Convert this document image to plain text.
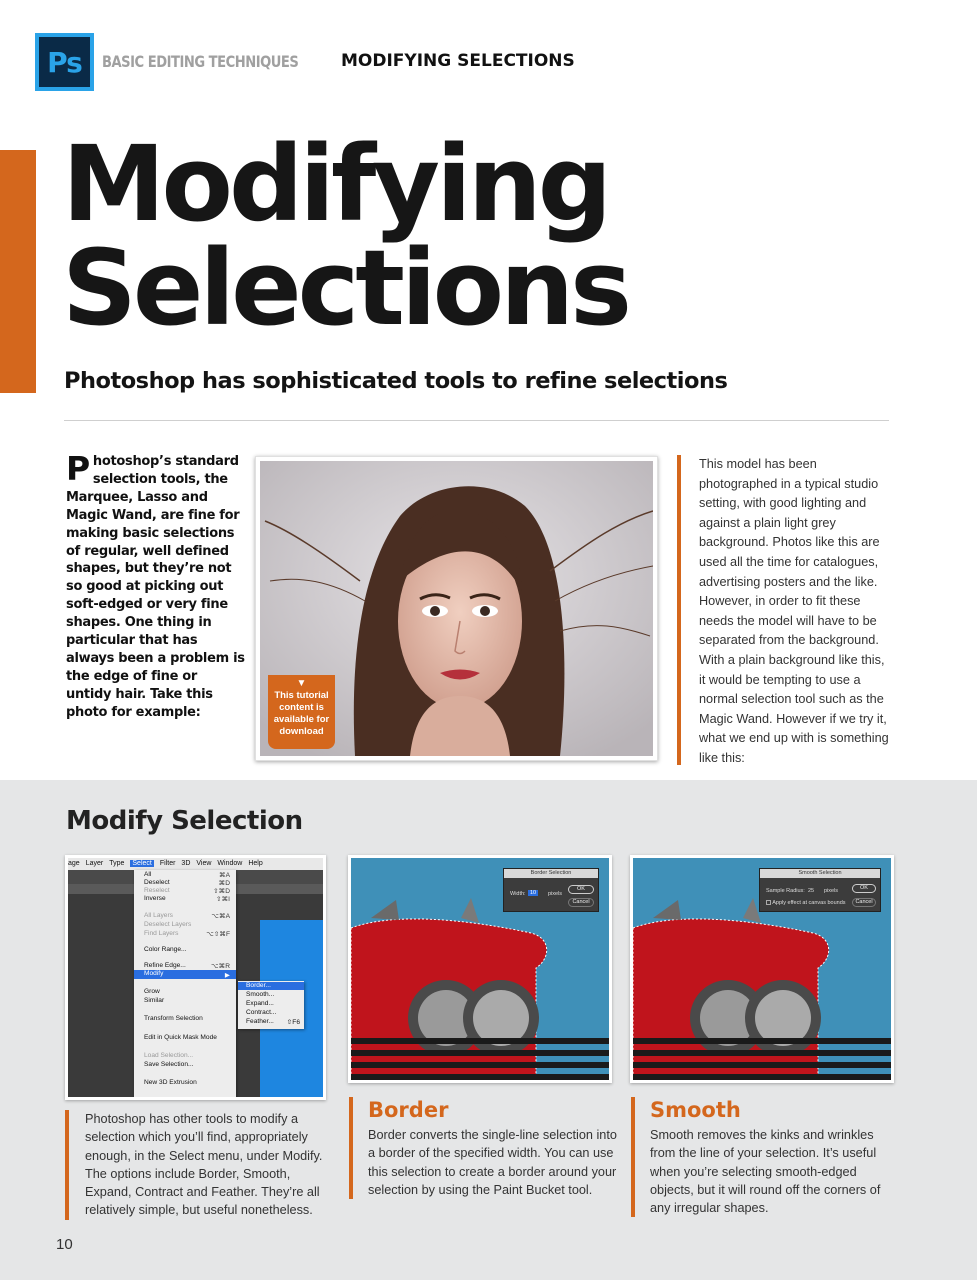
Ps	BASIC EDITING TECHNIQUES	MODIFYING SELECTIONS
Modifying
Selections
Photoshop has sophisticated tools to refine selections
P hotoshop’s standard selection tools, the Marquee, Lasso and Magic Wand, are fine for making basic selections of regular, well defined shapes, but they’re not so good at picking out soft-edged or very fine shapes. One thing in particular that has always been a problem is the edge of fine or untidy hair. Take this photo for example:
▼
This tutorial content is available for download
This model has been photographed in a typical studio setting, with good lighting and against a plain light grey background. Photos like this are used all the time for catalogues, advertising posters and the like. However, in order to fit these needs the model will have to be separated from the background. With a plain background like this, it would be tempting to use a normal selection tool such as the Magic Wand. However if we try it, what we end up with is something like this:
Modify Selection
age Layer Type Select Filter 3D View Window Help
All	⌘A
Deselect	⌘D
Reselect	⇧⌘D
Inverse	⇧⌘I
All Layers	⌥⌘A
Deselect Layers
Find Layers	⌥⇧⌘F
Color Range...
Refine Edge...	⌥⌘R
Modify	▶
Grow
Similar
Transform Selection
Edit in Quick Mask Mode
Load Selection...
Save Selection...
New 3D Extrusion
Border...
Smooth...
Expand...
Contract...
Feather... ⇧F6
Border Selection
Width: 10	pixels
OK
Cancel
Smooth Selection
Sample Radius: 25 pixels
Apply effect at canvas bounds
OK
Cancel
Photoshop has other tools to modify a selection which you’ll find, appropriately enough, in the Select menu, under Modify. The options include Border, Smooth, Expand, Contract and Feather. They’re all relatively simple, but useful nonetheless.
Border
Border converts the single-line selection into a border of the specified width. You can use this selection to create a border around your selection by using the Paint Bucket tool.
Smooth
Smooth removes the kinks and wrinkles from the line of your selection. It’s useful when you’re selecting smooth-edged objects, but it will round off the corners of any irregular shapes.
10
